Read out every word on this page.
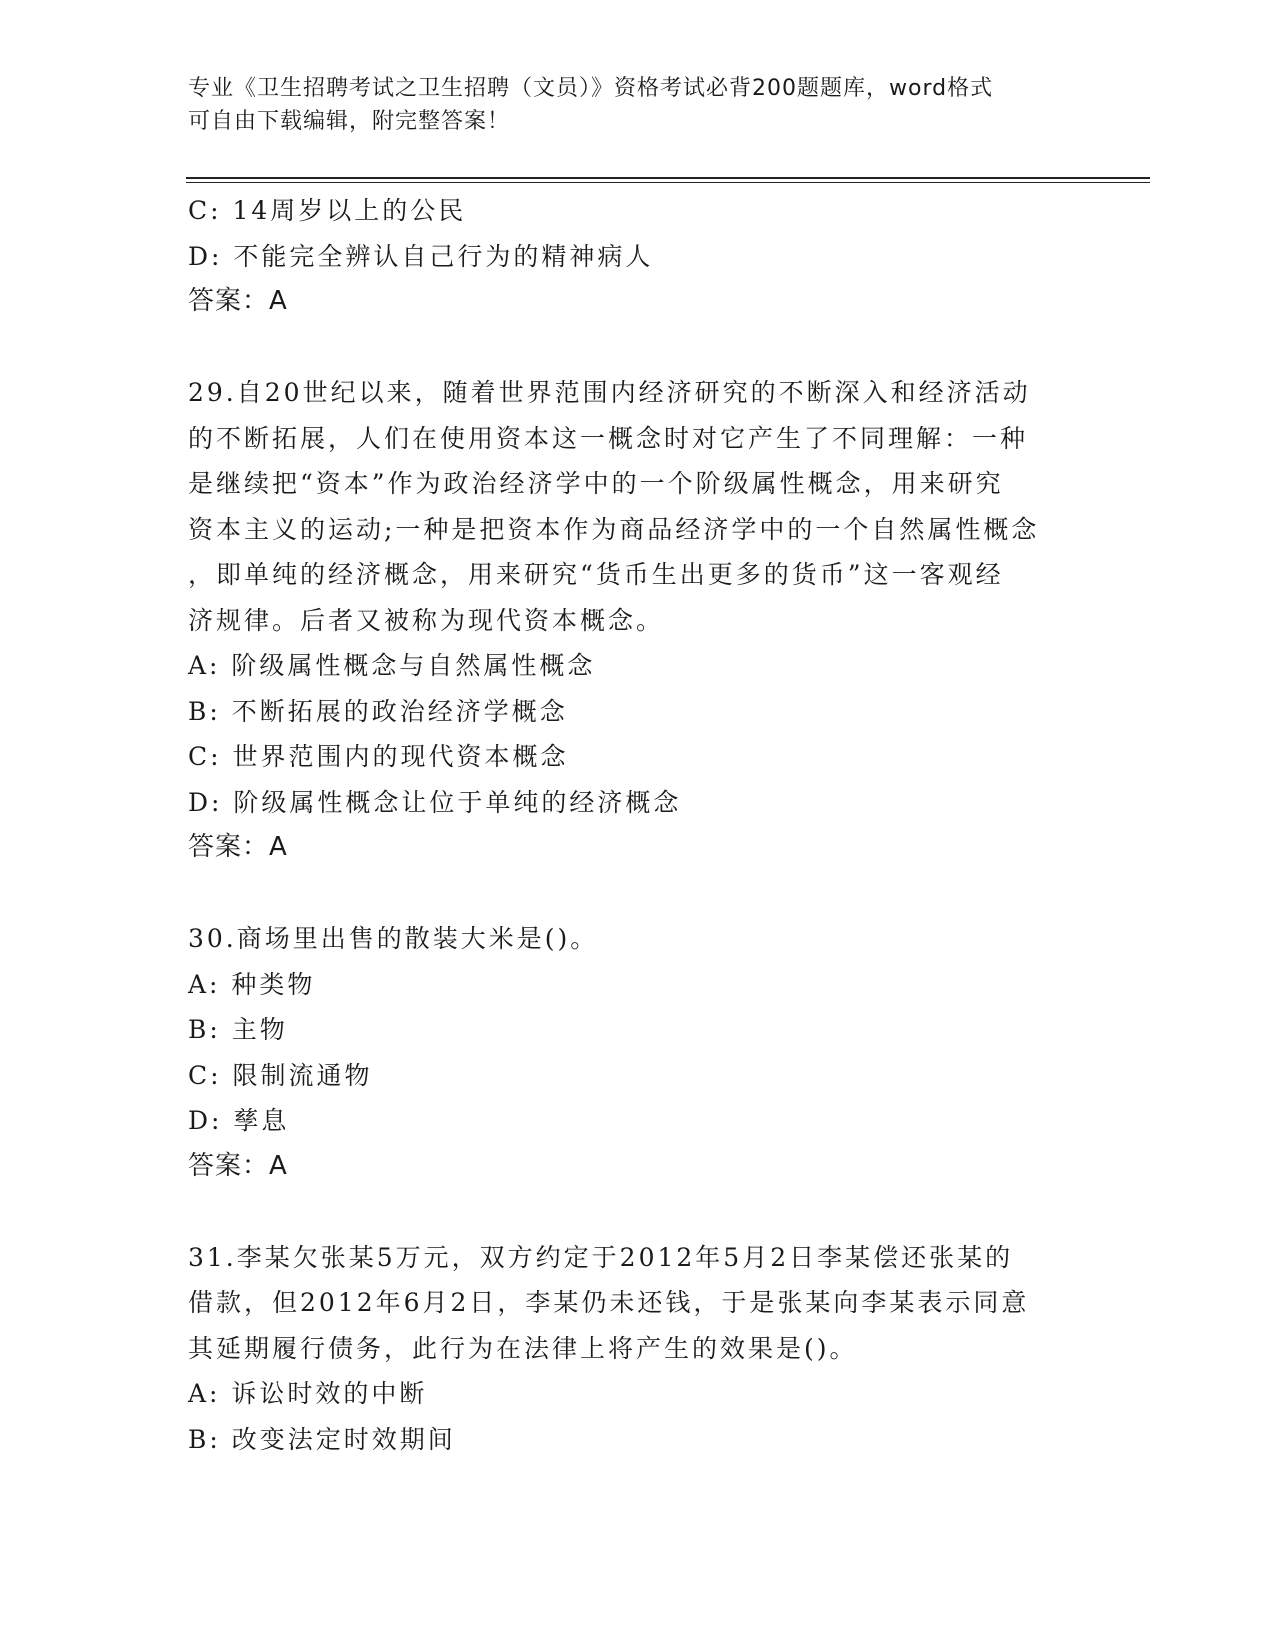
专业《卫生招聘考试之卫生招聘（文员）》资格考试必背200题题库，word格式
可自由下载编辑，附完整答案！
C: 14周岁以上的公民
D: 不能完全辨认自己行为的精神病人
答案：A
29.自20世纪以来，随着世界范围内经济研究的不断深入和经济活动
的不断拓展，人们在使用资本这一概念时对它产生了不同理解：一种
是继续把“资本”作为政治经济学中的一个阶级属性概念，用来研究
资本主义的运动;一种是把资本作为商品经济学中的一个自然属性概念
，即单纯的经济概念，用来研究“货币生出更多的货币”这一客观经
济规律。后者又被称为现代资本概念。
A: 阶级属性概念与自然属性概念
B: 不断拓展的政治经济学概念
C: 世界范围内的现代资本概念
D: 阶级属性概念让位于单纯的经济概念
答案：A
30.商场里出售的散装大米是()。
A: 种类物
B: 主物
C: 限制流通物
D: 孳息
答案：A
31.李某欠张某5万元，双方约定于2012年5月2日李某偿还张某的
借款，但2012年6月2日，李某仍未还钱，于是张某向李某表示同意
其延期履行债务，此行为在法律上将产生的效果是()。
A: 诉讼时效的中断
B: 改变法定时效期间
